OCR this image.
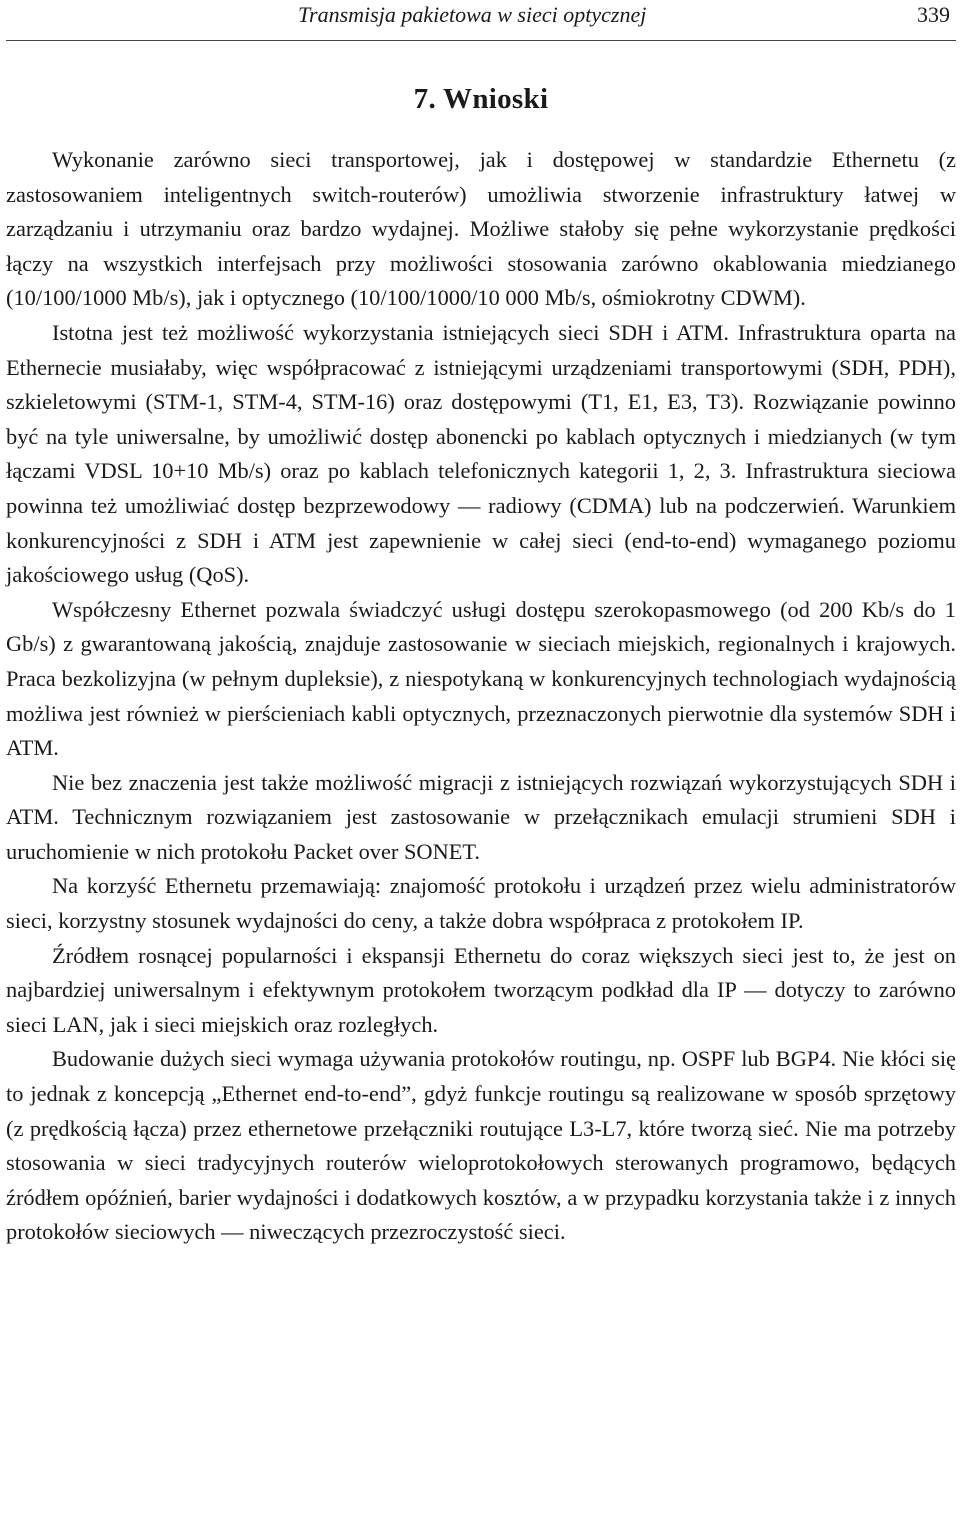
Transmisja pakietowa w sieci optycznej	339
7. Wnioski

Wykonanie zarówno sieci transportowej, jak i dostępowej w standardzie Ethernetu (z zastosowaniem inteligentnych switch-routerów) umożliwia stworzenie infrastruktury łatwej w zarządzaniu i utrzymaniu oraz bardzo wydajnej. Możliwe stałoby się pełne wykorzystanie prędkości łączy na wszystkich interfejsach przy możliwości stosowania zarówno okablowania miedzianego (10/100/1000 Mb/s), jak i optycznego (10/100/1000/10 000 Mb/s, ośmiokrotny CDWM).

Istotna jest też możliwość wykorzystania istniejących sieci SDH i ATM. Infrastruktura oparta na Ethernecie musiałaby, więc współpracować z istniejącymi urządzeniami transportowymi (SDH, PDH), szkieletowymi (STM-1, STM-4, STM-16) oraz dostępowymi (T1, E1, E3, T3). Rozwiązanie powinno być na tyle uniwersalne, by umożliwić dostęp abonencki po kablach optycznych i miedzianych (w tym łączami VDSL 10+10 Mb/s) oraz po kablach telefonicznych kategorii 1, 2, 3. Infrastruktura sieciowa powinna też umożliwiać dostęp bezprzewodowy — radiowy (CDMA) lub na podczerwień. Warunkiem konkurencyjności z SDH i ATM jest zapewnienie w całej sieci (end-to-end) wymaganego poziomu jakościowego usług (QoS).

Współczesny Ethernet pozwala świadczyć usługi dostępu szerokopasmowego (od 200 Kb/s do 1 Gb/s) z gwarantowaną jakością, znajduje zastosowanie w sieciach miejskich, regionalnych i krajowych. Praca bezkolizyjna (w pełnym dupleksie), z niespotykaną w konkurencyjnych technologiach wydajnością możliwa jest również w pierścieniach kabli optycznych, przeznaczonych pierwotnie dla systemów SDH i ATM.

Nie bez znaczenia jest także możliwość migracji z istniejących rozwiązań wykorzystujących SDH i ATM. Technicznym rozwiązaniem jest zastosowanie w przełącznikach emulacji strumieni SDH i uruchomienie w nich protokołu Packet over SONET.

Na korzyść Ethernetu przemawiają: znajomość protokołu i urządzeń przez wielu administratorów sieci, korzystny stosunek wydajności do ceny, a także dobra współpraca z protokołem IP.

Źródłem rosnącej popularności i ekspansji Ethernetu do coraz większych sieci jest to, że jest on najbardziej uniwersalnym i efektywnym protokołem tworzącym podkład dla IP — dotyczy to zarówno sieci LAN, jak i sieci miejskich oraz rozległych.

Budowanie dużych sieci wymaga używania protokołów routingu, np. OSPF lub BGP4. Nie kłóci się to jednak z koncepcją „Ethernet end-to-end”, gdyż funkcje routingu są realizowane w sposób sprzętowy (z prędkością łącza) przez ethernetowe przełączniki routujące L3-L7, które tworzą sieć. Nie ma potrzeby stosowania w sieci tradycyjnych routerów wieloprotokołowych sterowanych programowo, będących źródłem opóźnień, barier wydajności i dodatkowych kosztów, a w przypadku korzystania także i z innych protokołów sieciowych — niweczących przezroczystość sieci.
